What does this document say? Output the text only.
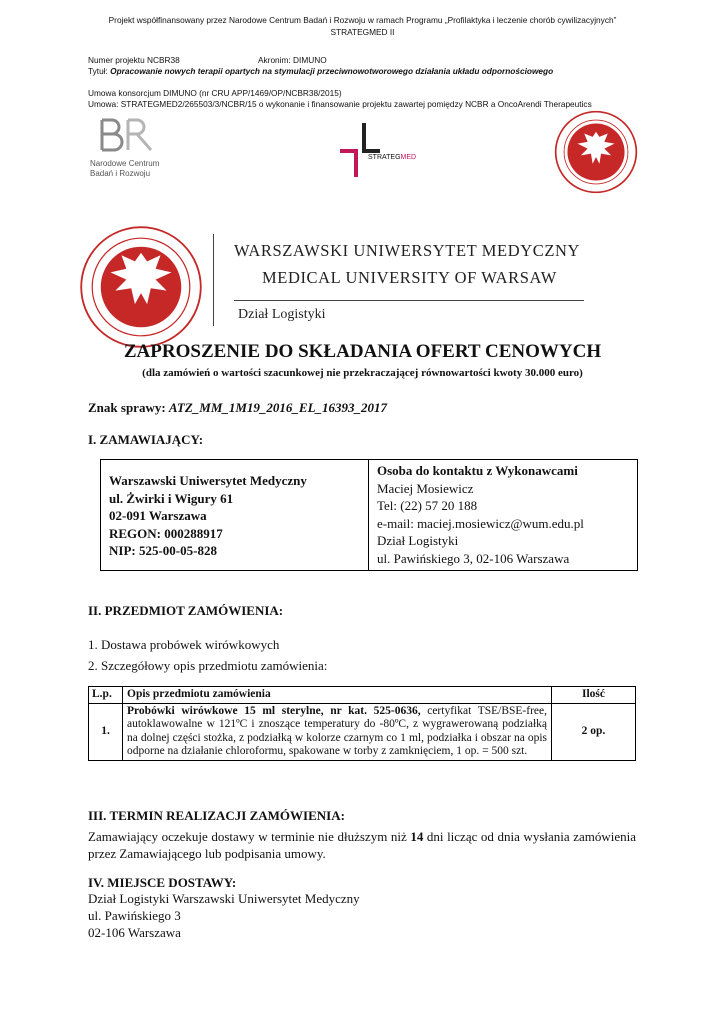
Projekt współfinansowany przez Narodowe Centrum Badań i Rozwoju w ramach Programu „Profilaktyka i leczenie chorób cywilizacyjnych”
STRATEGMED II
Numer projektu NCBR38	Akronim: DIMUNO
Tytuł: Opracowanie nowych terapii opartych na stymulacji przeciwnowotworowego działania układu odpornościowego
Umowa konsorcjum DIMUNO (nr CRU APP/1469/OP/NCBR38/2015)
Umowa: STRATEGMED2/265503/3/NCBR/15 o wykonanie i finansowanie projektu zawartej pomiędzy NCBR a OncoArendi Therapeutics
Narodowe Centrum
Badań i Rozwoju
STRATEGMED
WARSZAWSKI UNIWERSYTET MEDYCZNY
MEDICAL UNIVERSITY OF WARSAW
Dział Logistyki
ZAPROSZENIE DO SKŁADANIA OFERT CENOWYCH
(dla zamówień o wartości szacunkowej nie przekraczającej równowartości kwoty 30.000 euro)
Znak sprawy: ATZ_MM_1M19_2016_EL_16393_2017
I. ZAMAWIAJĄCY:
Warszawski Uniwersytet Medyczny
ul. Żwirki i Wigury 61
02-091 Warszawa
REGON: 000288917
NIP: 525-00-05-828
Osoba do kontaktu z Wykonawcami
Maciej Mosiewicz
Tel: (22) 57 20 188
e-mail: maciej.mosiewicz@wum.edu.pl
Dział Logistyki
ul. Pawińskiego 3, 02-106 Warszawa
II. PRZEDMIOT ZAMÓWIENIA:
1. Dostawa probówek wirówkowych
2. Szczegółowy opis przedmiotu zamówienia:
L.p.	Opis przedmiotu zamówienia	Ilość
1.	Probówki wirówkowe 15 ml sterylne, nr kat. 525-0636, certyfikat TSE/BSE-free, autoklawowalne w 121ºC i znoszące temperatury do -80ºC, z wygrawerowaną podziałką na dolnej części stożka, z podziałką w kolorze czarnym co 1 ml, podziałka i obszar na opis odporne na działanie chloroformu, spakowane w torby z zamknięciem, 1 op. = 500 szt.	2 op.
III. TERMIN REALIZACJI ZAMÓWIENIA:
Zamawiający oczekuje dostawy w terminie nie dłuższym niż 14 dni licząc od dnia wysłania zamówienia przez Zamawiającego lub podpisania umowy.
IV. MIEJSCE DOSTAWY:
Dział Logistyki Warszawski Uniwersytet Medyczny
ul. Pawińskiego 3
02-106 Warszawa
